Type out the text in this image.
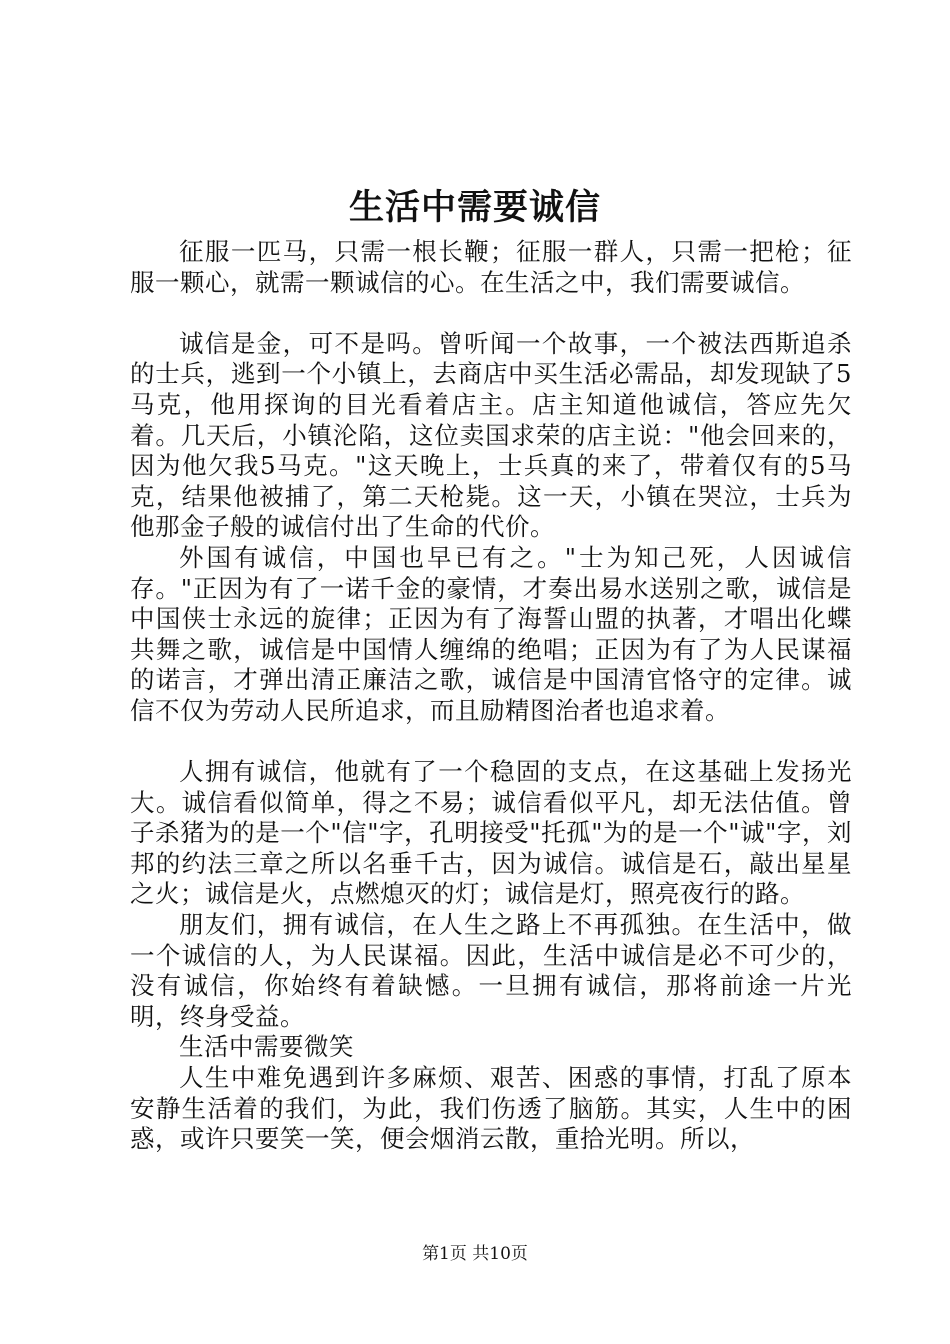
生活中需要诚信

征服一匹马，只需一根长鞭；征服一群人，只需一把枪；征服一颗心，就需一颗诚信的心。在生活之中，我们需要诚信。

诚信是金，可不是吗。曾听闻一个故事，一个被法西斯追杀的士兵，逃到一个小镇上，去商店中买生活必需品，却发现缺了5马克，他用探询的目光看着店主。店主知道他诚信，答应先欠着。几天后，小镇沦陷，这位卖国求荣的店主说："他会回来的，因为他欠我5马克。"这天晚上，士兵真的来了，带着仅有的5马克，结果他被捕了，第二天枪毙。这一天，小镇在哭泣，士兵为他那金子般的诚信付出了生命的代价。

外国有诚信，中国也早已有之。"士为知己死，人因诚信存。"正因为有了一诺千金的豪情，才奏出易水送别之歌，诚信是中国侠士永远的旋律；正因为有了海誓山盟的执著，才唱出化蝶共舞之歌，诚信是中国情人缠绵的绝唱；正因为有了为人民谋福的诺言，才弹出清正廉洁之歌，诚信是中国清官恪守的定律。诚信不仅为劳动人民所追求，而且励精图治者也追求着。

人拥有诚信，他就有了一个稳固的支点，在这基础上发扬光大。诚信看似简单，得之不易；诚信看似平凡，却无法估值。曾子杀猪为的是一个"信"字，孔明接受"托孤"为的是一个"诚"字，刘邦的约法三章之所以名垂千古，因为诚信。诚信是石，敲出星星之火；诚信是火，点燃熄灭的灯；诚信是灯，照亮夜行的路。

朋友们，拥有诚信，在人生之路上不再孤独。在生活中，做一个诚信的人，为人民谋福。因此，生活中诚信是必不可少的，没有诚信，你始终有着缺憾。一旦拥有诚信，那将前途一片光明，终身受益。

生活中需要微笑

人生中难免遇到许多麻烦、艰苦、困惑的事情，打乱了原本安静生活着的我们，为此，我们伤透了脑筋。其实，人生中的困惑，或许只要笑一笑，便会烟消云散，重拾光明。所以，

第1页 共10页
